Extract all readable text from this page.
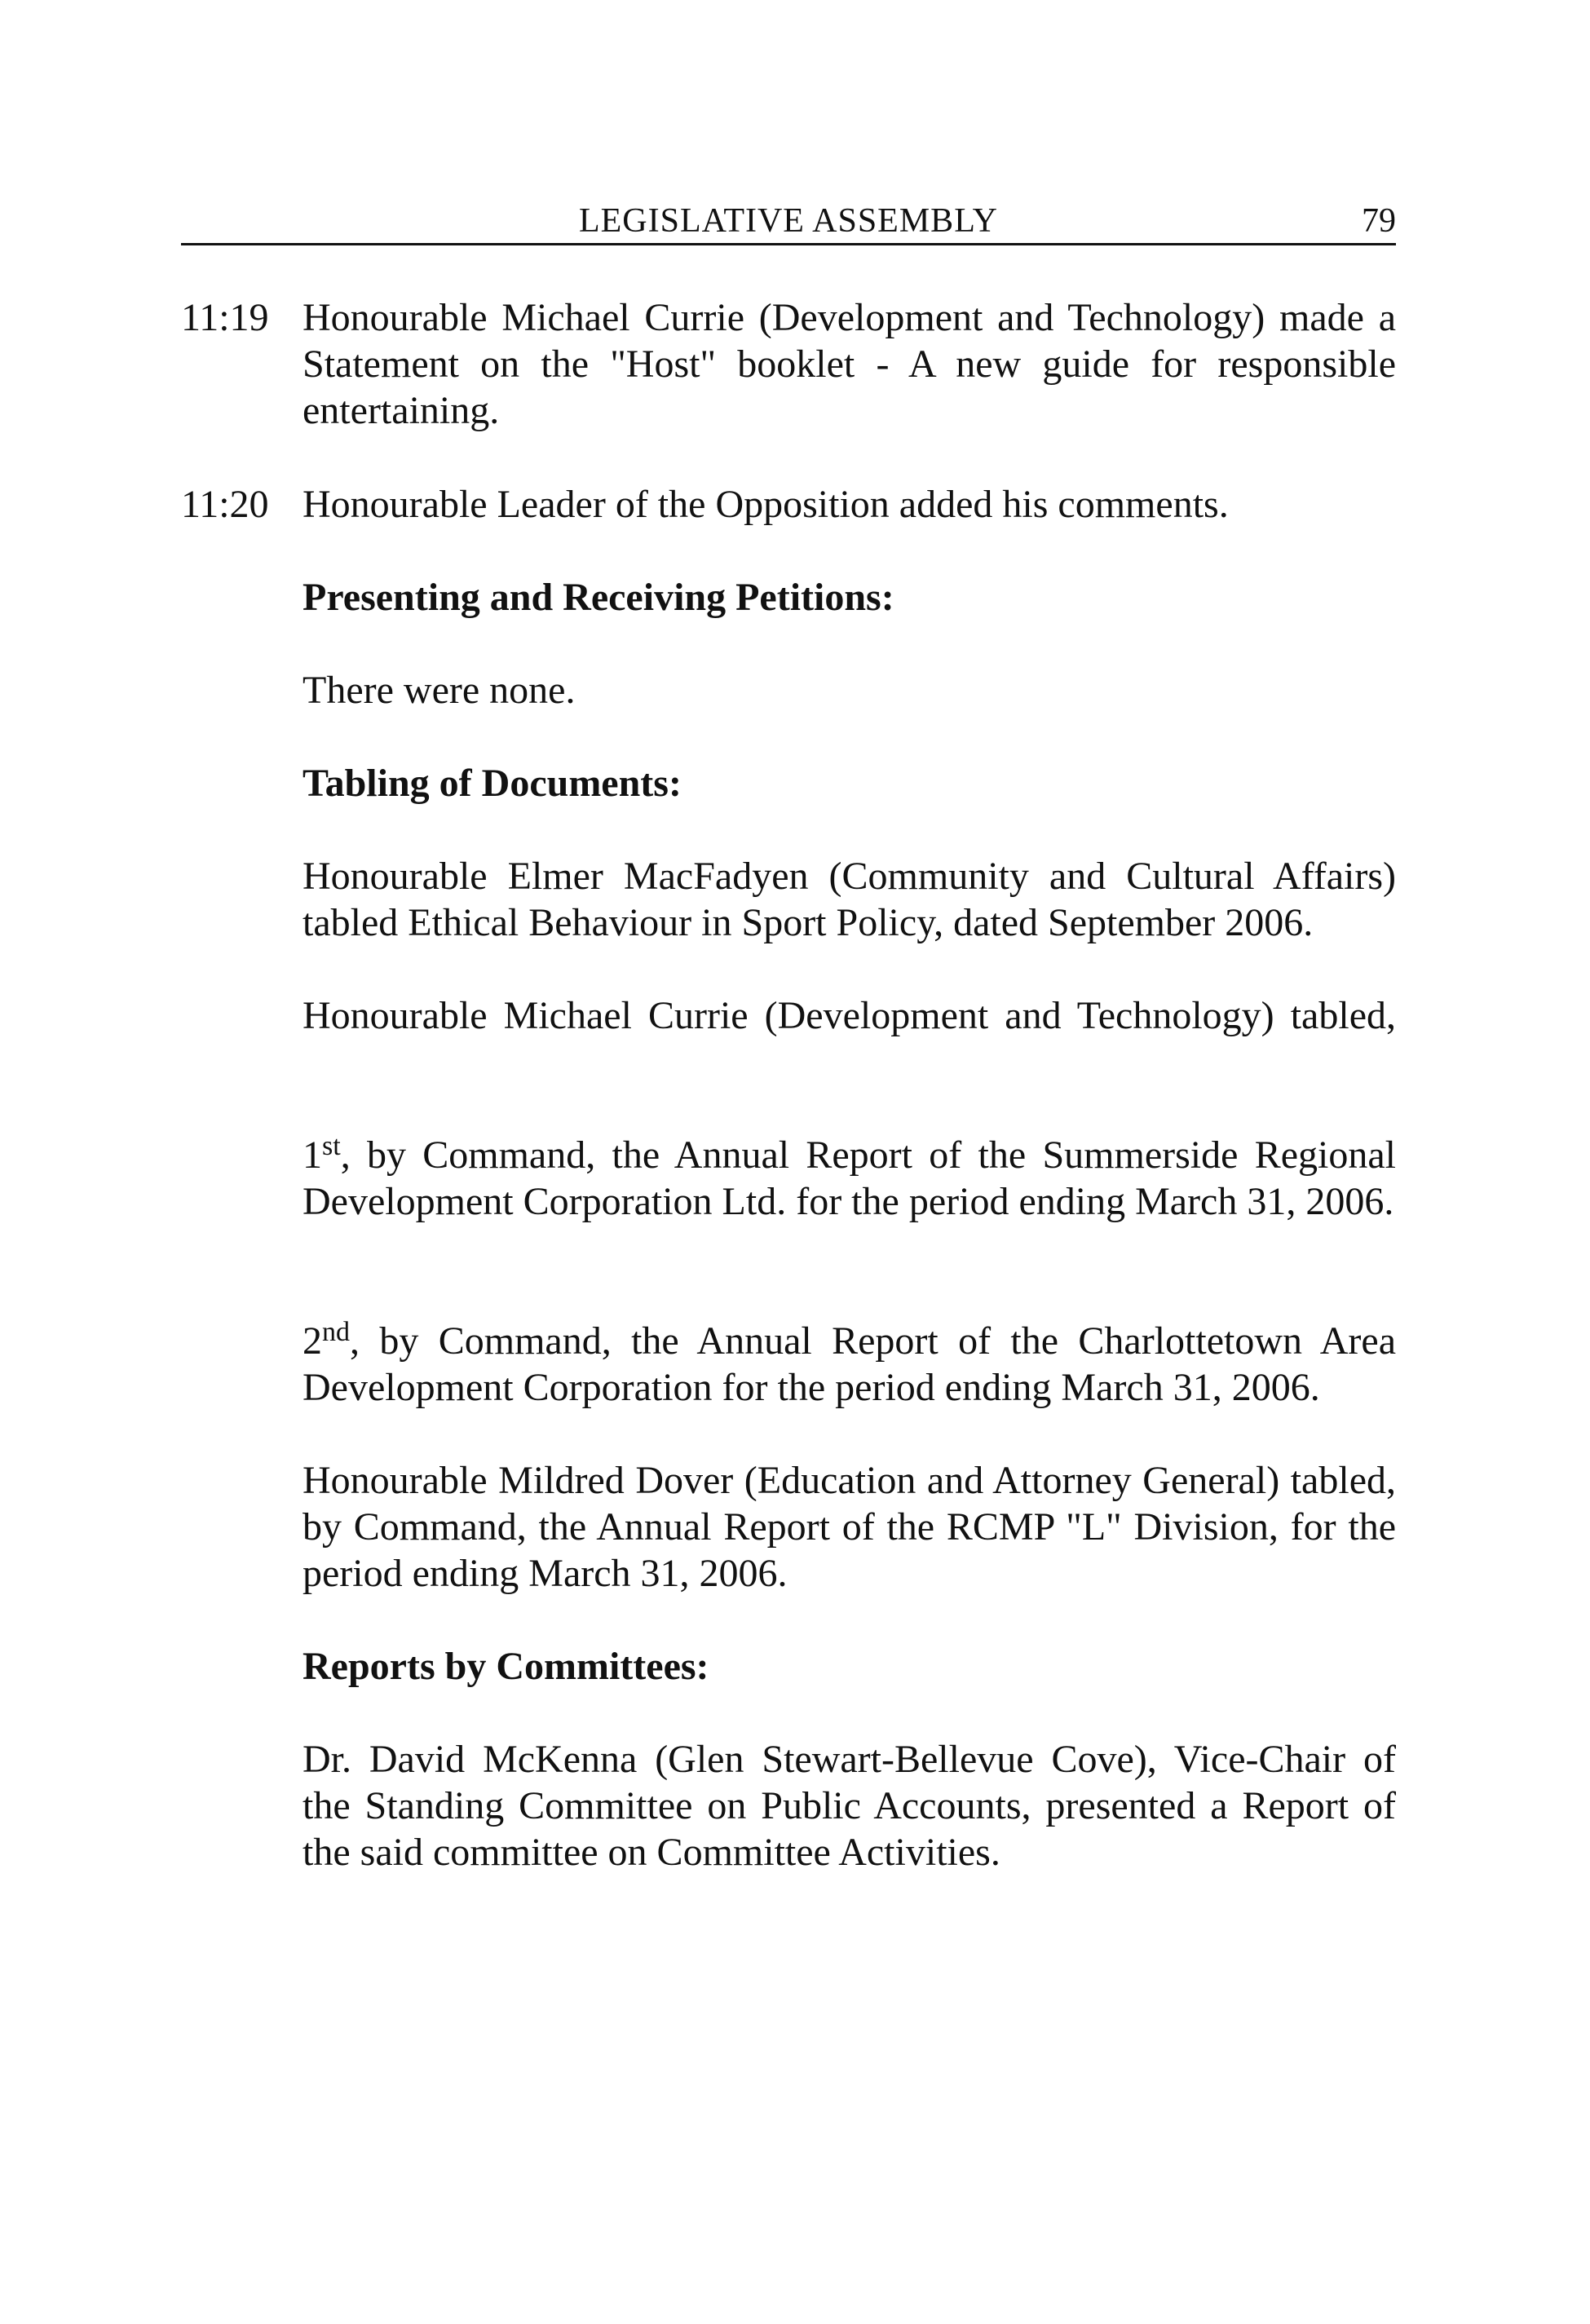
LEGISLATIVE ASSEMBLY	79
11:19 Honourable Michael Currie (Development and Technology) made a Statement on the "Host" booklet - A new guide for responsible entertaining.
11:20 Honourable Leader of the Opposition added his comments.
Presenting and Receiving Petitions:
There were none.
Tabling of Documents:
Honourable Elmer MacFadyen (Community and Cultural Affairs) tabled Ethical Behaviour in Sport Policy, dated September 2006.
Honourable Michael Currie (Development and Technology) tabled,
1st, by Command, the Annual Report of the Summerside Regional Development Corporation Ltd. for the period ending March 31, 2006.
2nd, by Command, the Annual Report of the Charlottetown Area Development Corporation for the period ending March 31, 2006.
Honourable Mildred Dover (Education and Attorney General) tabled, by Command, the Annual Report of the RCMP "L" Division, for the period ending March 31, 2006.
Reports by Committees:
Dr. David McKenna (Glen Stewart-Bellevue Cove), Vice-Chair of the Standing Committee on Public Accounts, presented a Report of the said committee on Committee Activities.
